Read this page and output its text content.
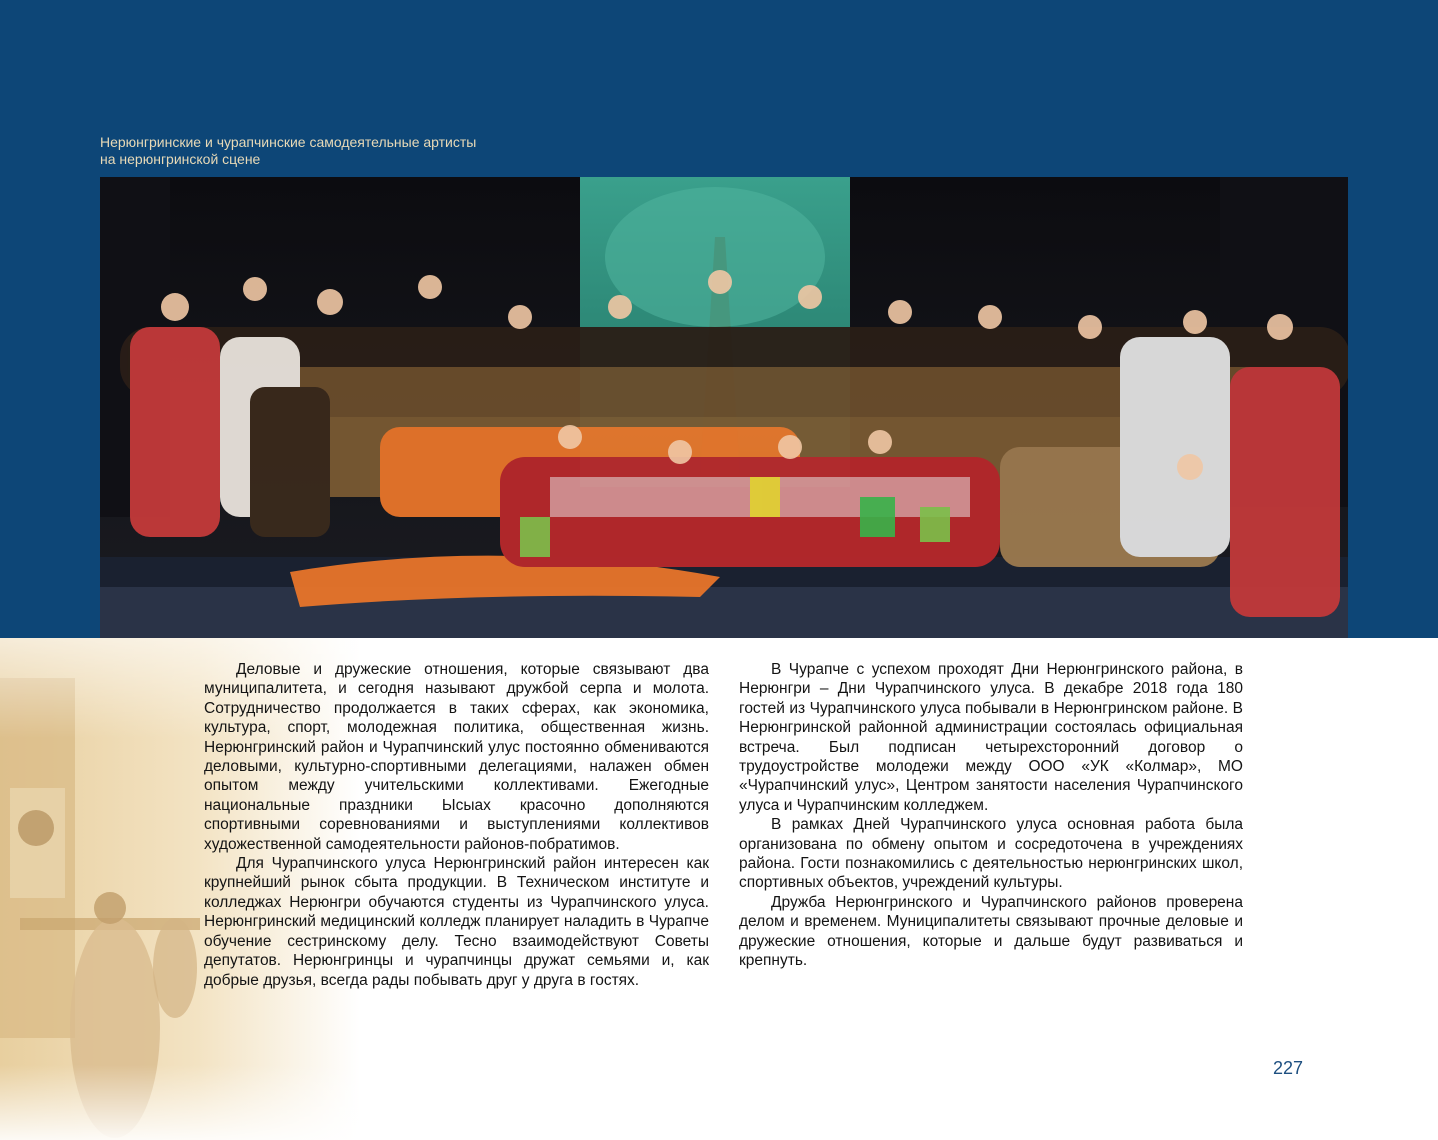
Нерюнгринские и чурапчинские самодеятельные артисты
на нерюнгринской сцене

Деловые и дружеские отношения, которые связывают два муниципалитета, и сегодня называют дружбой серпа и молота. Сотрудничество продолжается в таких сферах, как экономика, культура, спорт, молодежная политика, общественная жизнь. Нерюнгринский район и Чурапчинский улус постоянно обмениваются деловыми, культурно-спортивными делегациями, налажен обмен опытом между учительскими коллективами. Ежегодные национальные праздники Ысыах красочно дополняются спортивными соревнованиями и выступлениями коллективов художественной самодеятельности районов-побратимов.

Для Чурапчинского улуса Нерюнгринский район интересен как крупнейший рынок сбыта продукции. В Техническом институте и колледжах Нерюнгри обучаются студенты из Чурапчинского улуса. Нерюнгринский медицинский колледж планирует наладить в Чурапче обучение сестринскому делу. Тесно взаимодействуют Советы депутатов. Нерюнгринцы и чурапчинцы дружат семьями и, как добрые друзья, всегда рады побывать друг у друга в гостях.

В Чурапче с успехом проходят Дни Нерюнгринского района, в Нерюнгри – Дни Чурапчинского улуса. В декабре 2018 года 180 гостей из Чурапчинского улуса побывали в Нерюнгринском районе. В Нерюнгринской районной администрации состоялась официальная встреча. Был подписан четырехсторонний договор о трудоустройстве молодежи между ООО «УК «Колмар», МО «Чурапчинский улус», Центром занятости населения Чурапчинского улуса и Чурапчинским колледжем.

В рамках Дней Чурапчинского улуса основная работа была организована по обмену опытом и сосредоточена в учреждениях района. Гости познакомились с деятельностью нерюнгринских школ, спортивных объектов, учреждений культуры.

Дружба Нерюнгринского и Чурапчинского районов проверена делом и временем. Муниципалитеты связывают прочные деловые и дружеские отношения, которые и дальше будут развиваться и крепнуть.

227
